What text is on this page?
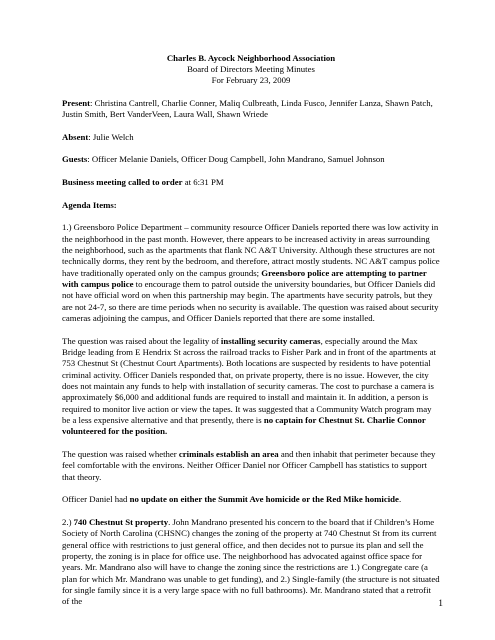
Charles B. Aycock Neighborhood Association
Board of Directors Meeting Minutes
For February 23, 2009

Present: Christina Cantrell, Charlie Conner, Maliq Culbreath, Linda Fusco, Jennifer Lanza, Shawn Patch, Justin Smith, Bert VanderVeen, Laura Wall, Shawn Wriede

Absent: Julie Welch

Guests: Officer Melanie Daniels, Officer Doug Campbell, John Mandrano, Samuel Johnson

Business meeting called to order at 6:31 PM

Agenda Items:

1.) Greensboro Police Department – community resource Officer Daniels reported there was low activity in the neighborhood in the past month. However, there appears to be increased activity in areas surrounding the neighborhood, such as the apartments that flank NC A&T University. Although these structures are not technically dorms, they rent by the bedroom, and therefore, attract mostly students. NC A&T campus police have traditionally operated only on the campus grounds; Greensboro police are attempting to partner with campus police to encourage them to patrol outside the university boundaries, but Officer Daniels did not have official word on when this partnership may begin. The apartments have security patrols, but they are not 24-7, so there are time periods when no security is available. The question was raised about security cameras adjoining the campus, and Officer Daniels reported that there are some installed.

The question was raised about the legality of installing security cameras, especially around the Max Bridge leading from E Hendrix St across the railroad tracks to Fisher Park and in front of the apartments at 753 Chestnut St (Chestnut Court Apartments). Both locations are suspected by residents to have potential criminal activity. Officer Daniels responded that, on private property, there is no issue. However, the city does not maintain any funds to help with installation of security cameras. The cost to purchase a camera is approximately $6,000 and additional funds are required to install and maintain it. In addition, a person is required to monitor live action or view the tapes. It was suggested that a Community Watch program may be a less expensive alternative and that presently, there is no captain for Chestnut St. Charlie Connor volunteered for the position.

The question was raised whether criminals establish an area and then inhabit that perimeter because they feel comfortable with the environs. Neither Officer Daniel nor Officer Campbell has statistics to support that theory.

Officer Daniel had no update on either the Summit Ave homicide or the Red Mike homicide.

2.) 740 Chestnut St property. John Mandrano presented his concern to the board that if Children’s Home Society of North Carolina (CHSNC) changes the zoning of the property at 740 Chestnut St from its current general office with restrictions to just general office, and then decides not to pursue its plan and sell the property, the zoning is in place for office use. The neighborhood has advocated against office space for years. Mr. Mandrano also will have to change the zoning since the restrictions are 1.) Congregate care (a plan for which Mr. Mandrano was unable to get funding), and 2.) Single-family (the structure is not situated for single family since it is a very large space with no full bathrooms). Mr. Mandrano stated that a retrofit of the	1
